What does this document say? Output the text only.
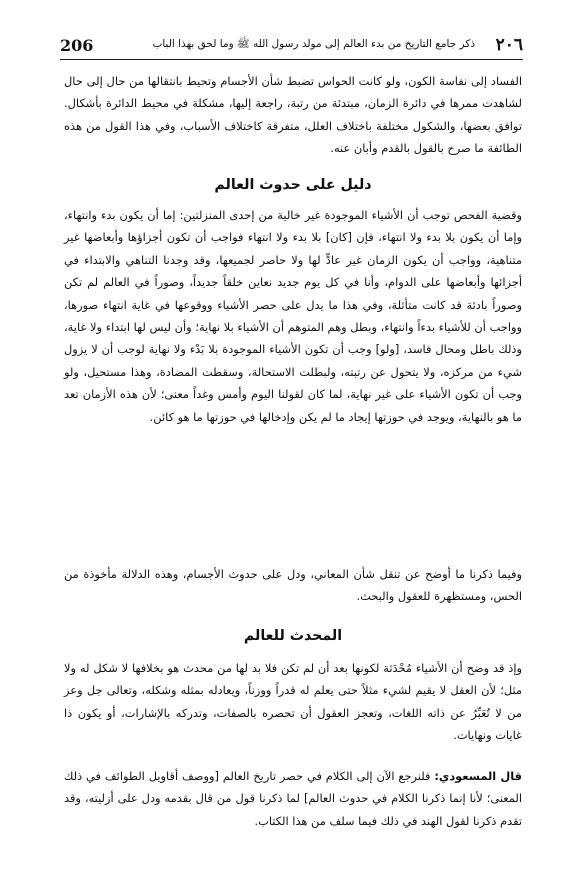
206	ذكر جامع التاريخ من بدء العالم إلى مولد رسول الله ﷺ وما لحق بهذا الباب ٢٠٦

الفساد إلى نفاسة الكون، ولو كانت الحواس تضبط شأن الأجسام وتحيط بانتقالها من حال إلى حال لشاهدت ممرها في دائرة الزمان، مبتدئة من رتبة، راجعة إليها، مشكلة في محيط الدائرة بأشكال. توافق بعضها، والشكول مختلفة باختلاف العلل، متفرقة كاختلاف الأسباب، وفي هذا القول من هذه الطائفة ما صرح بالقول بالقدم وأبان عنه.

دليل على حدوث العالم

وقضية الفحص توجب أن الأشياء الموجودة غير خالية من إحدى المنزلتين: إما أن يكون بدء وانتهاء، وإما أن يكون بلا بدء ولا انتهاء، فإن [كان] بلا بدء ولا انتهاء فواجب أن تكون أجزاؤها وأبعاضها غير متناهية، وواجب أن يكون الزمان غير عادٍّ لها ولا حاصر لجميعها، وقد وجدنا التناهي والابتداء في أجزائها وأبعاضها على الدوام، وأنا في كل يوم جديد نعاين خلقاً جديداً، وصوراً في العالم لم تكن وصوراً بادئة قد كانت متأثلة، وفي هذا ما يدل على حصر الأشياء ووقوعها في غاية انتهاء صورها، وواجب أن للأشياء بدءاً وانتهاء، وبطل وهم المتوهم أن الأشياء بلا نهاية؛ وأن ليس لها ابتداء ولا غاية، وذلك باطل ومحال فاسد، [ولو] وجب أن تكون الأشياء الموجودة بلا بَدْء ولا نهاية لوجب أن لا يزول شيء من مركزه، ولا يتحول عن رتبته، ولبطلت الاستحالة، وسقطت المضادة، وهذا مستحيل، ولو وجب أن تكون الأشياء على غير نهاية، لما كان لقولنا اليوم وأمس وغداً معنى؛ لأن هذه الأزمان تعد ما هو بالنهاية، ويوجد في حوزتها إيجاد ما لم يكن وإدخالها في حوزتها ما هو كائن.

وفيما ذكرنا ما أوضح عن تنقل شأن المعاني، ودل على حدوث الأجسام، وهذه الدلالة مأخوذة من الحس، ومستظهرة للعقول والبحث.

المحدث للعالم

وإذ قد وضح أن الأشياء مُحْدَثة لكونها بعد أن لم تكن فلا بد لها من محدث هو بخلافها لا شكل له ولا مثل؛ لأن العقل لا يقيم لشيء مثلاً حتى يعلم له قدراً ووزناً، ويعادله بمثله وشكله، وتعالى جل وعز من لا تُعَبِّرُ عن ذاته اللغات، وتعجز العقول أن تحصره بالصفات، وتدركه بالإشارات، أو يكون ذا غايات ونهايات.

قال المسعودي: فلنرجع الآن إلى الكلام في حصر تاريخ العالم [ووصف أقاويل الطوائف في ذلك المعنى؛ لأنا إنما ذكرنا الكلام في حدوث العالم] لما ذكرنا قول من قال بقدمه ودل على أزليته، وقد تقدم ذكرنا لقول الهند في ذلك فيما سلف من هذا الكتاب.
